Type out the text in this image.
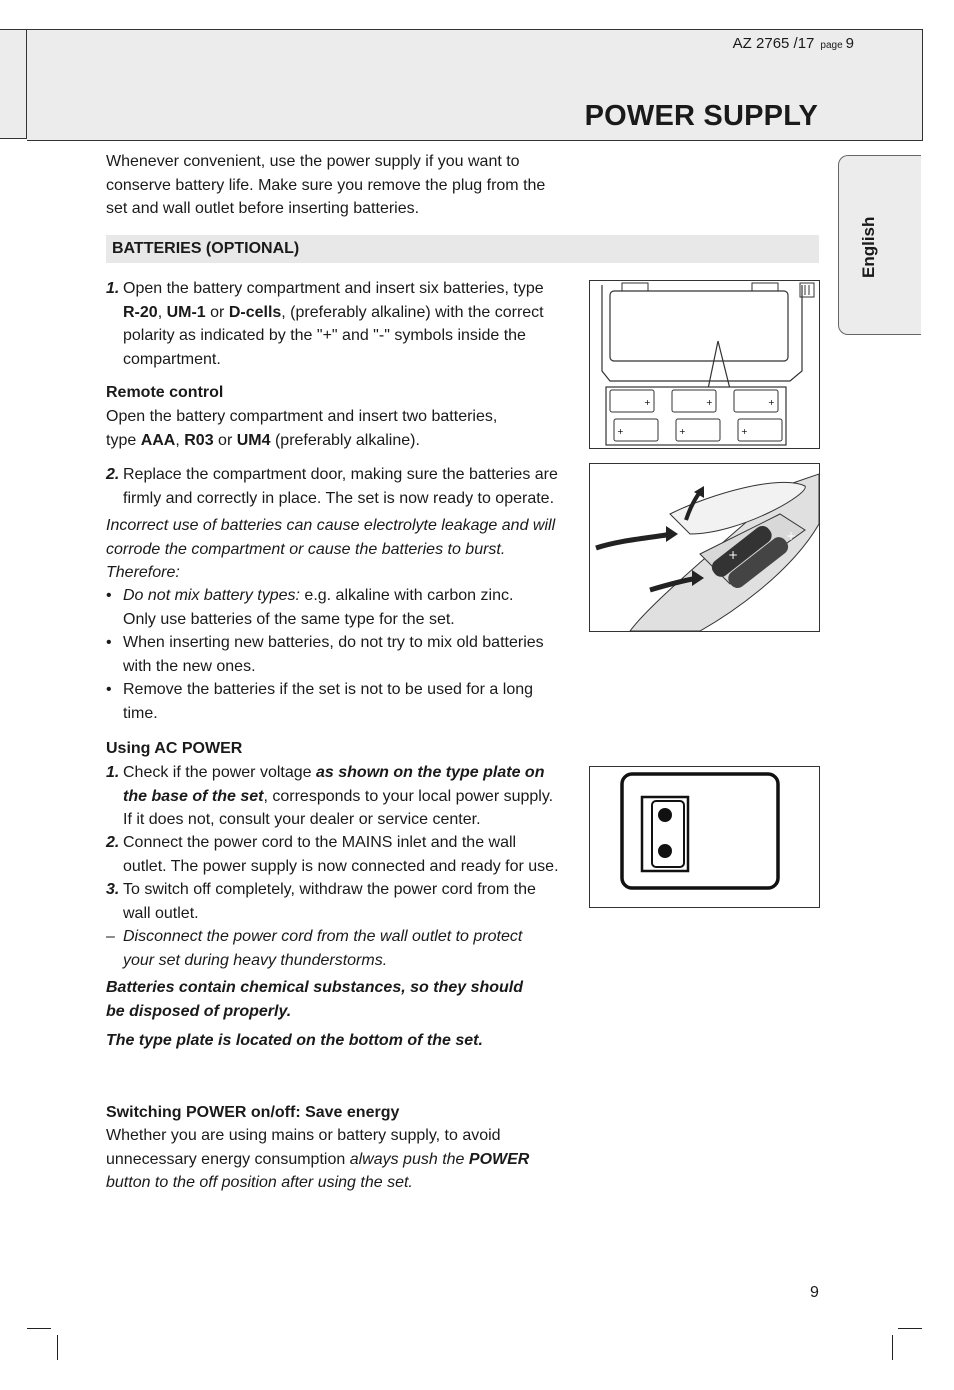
AZ 2765 /17 page 9
POWER SUPPLY
English
Whenever convenient, use the power supply if you want to
conserve battery life. Make sure you remove the plug from the
set and wall outlet before inserting batteries.
BATTERIES (OPTIONAL)
1. Open the battery compartment and insert six batteries, type
R-20, UM-1 or D-cells, (preferably alkaline) with the correct
polarity as indicated by the "+" and "-" symbols inside the
compartment.
Remote control
Open the battery compartment and insert two batteries,
type AAA, R03 or UM4 (preferably alkaline).
2. Replace the compartment door, making sure the batteries are
firmly and correctly in place. The set is now ready to operate.
Incorrect use of batteries can cause electrolyte leakage and will
corrode the compartment or cause the batteries to burst.
Therefore:
• Do not mix battery types: e.g. alkaline with carbon zinc.
Only use batteries of the same type for the set.
• When inserting new batteries, do not try to mix old batteries
with the new ones.
• Remove the batteries if the set is not to be used for a long
time.
Using AC POWER
1. Check if the power voltage as shown on the type plate on
the base of the set, corresponds to your local power supply.
If it does not, consult your dealer or service center.
2. Connect the power cord to the MAINS inlet and the wall
outlet. The power supply is now connected and ready for use.
3. To switch off completely, withdraw the power cord from the
wall outlet.
– Disconnect the power cord from the wall outlet to protect
your set during heavy thunderstorms.
Batteries contain chemical substances, so they should
be disposed of properly.
The type plate is located on the bottom of the set.
Switching POWER on/off: Save energy
Whether you are using mains or battery supply, to avoid
unnecessary energy consumption always push the POWER
button to the off position after using the set.
+	+	+
+	+	+
+
+
9
